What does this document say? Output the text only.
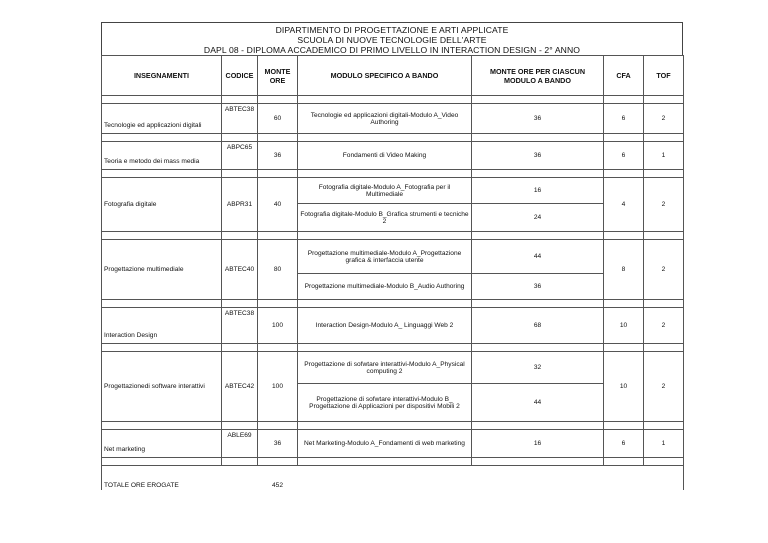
DIPARTIMENTO DI PROGETTAZIONE E ARTI APPLICATE
SCUOLA DI NUOVE TECNOLOGIE DELL'ARTE
DAPL 08 - DIPLOMA ACCADEMICO DI PRIMO LIVELLO IN INTERACTION DESIGN - 2° ANNO
INSEGNAMENTI	CODICE	MONTE ORE	MODULO SPECIFICO A BANDO	MONTE ORE PER CIASCUN MODULO A BANDO	CFA	TOF

Tecnologie ed applicazioni digitali	ABTEC38	60	Tecnologie ed applicazioni digitali-Modulo A_Video Authoring	36	6	2

Teoria e metodo dei mass media	ABPC65	36	Fondamenti di Video Making	36	6	1

Fotografia digitale	ABPR31	40	Fotografia digitale-Modulo A_Fotografia per il Multimediale	16	4	2
			Fotografia digitale-Modulo B_Grafica strumenti e tecniche 2	24		

Progettazione multimediale	ABTEC40	80	Progettazione multimediale-Modulo A_Progettazione grafica & interfaccia utente	44	8	2
			Progettazione multimediale-Modulo B_Audio Authoring	36		

Interaction Design	ABTEC38	100	Interaction Design-Modulo A_ Linguaggi Web 2	68	10	2

Progettazionedi software interattivi	ABTEC42	100	Progettazione di sofwtare interattivi-Modulo A_Physical computing 2	32	10	2
			Progettazione di sofwtare interattivi-Modulo B_ Progettazione di Applicazioni per dispositivi Mobili 2	44		

Net marketing	ABLE69	36	Net Marketing-Modulo A_Fondamenti di web marketing	16	6	1

TOTALE ORE EROGATE		452				
